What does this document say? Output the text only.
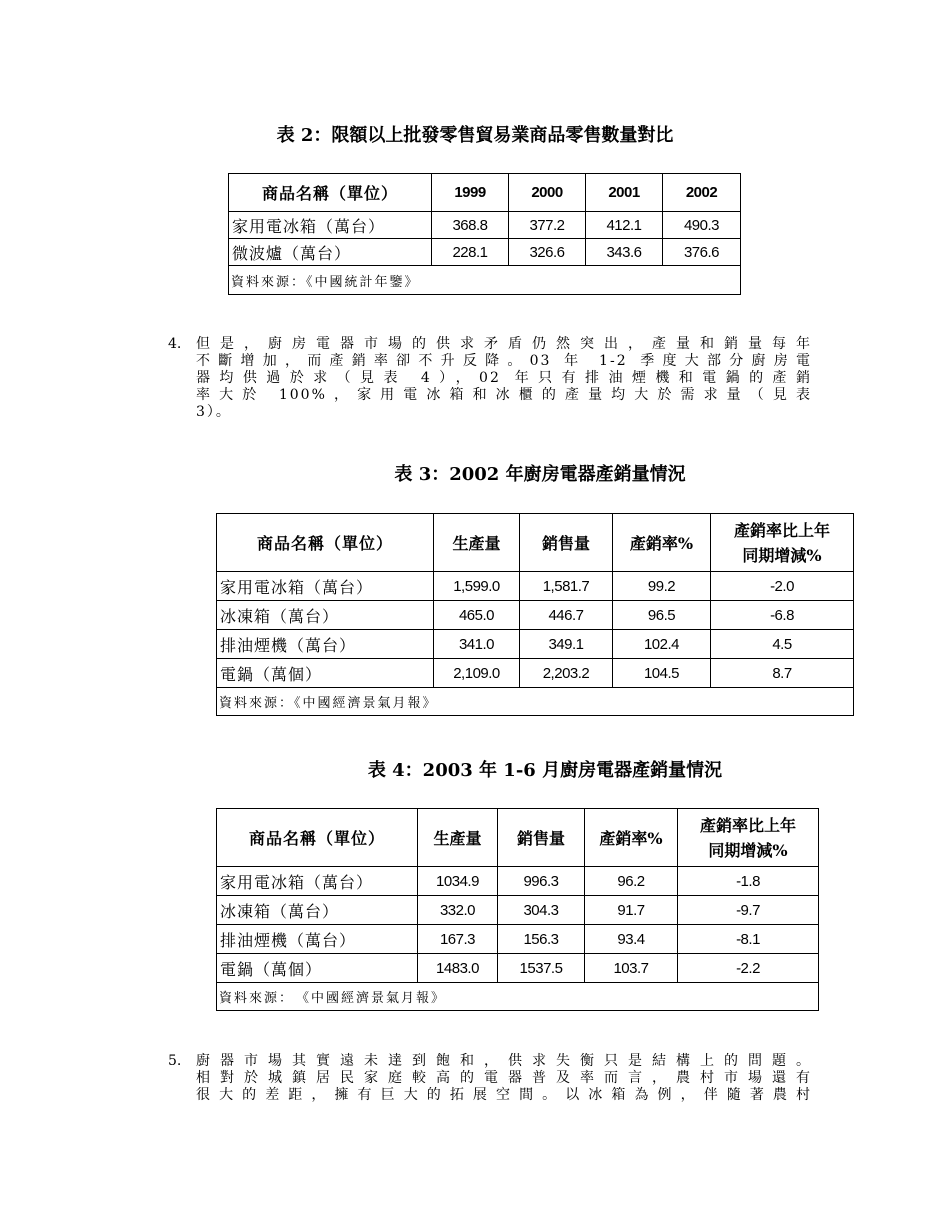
表 2：限額以上批發零售貿易業商品零售數量對比
商品名稱（單位）	1999	2000	2001	2002
家用電冰箱（萬台）	368.8	377.2	412.1	490.3
微波爐（萬台）	228.1	326.6	343.6	376.6
資料來源：《中國統計年鑒》				
4. 但是，廚房電器市場的供求矛盾仍然突出，產量和銷量每年
不斷增加，而產銷率卻不升反降。03 年 1-2 季度大部分廚房電
器均供過於求（見表 4），02 年只有排油煙機和電鍋的產銷
率大於 100%，家用電冰箱和冰櫃的產量均大於需求量（見表
3）。
表 3：2002 年廚房電器產銷量情況
商品名稱（單位）	生產量	銷售量	產銷率%	產銷率比上年
同期增減%
家用電冰箱（萬台）	1,599.0	1,581.7	99.2	-2.0
冰凍箱（萬台）	465.0	446.7	96.5	-6.8
排油煙機（萬台）	341.0	349.1	102.4	4.5
電鍋（萬個）	2,109.0	2,203.2	104.5	8.7
資料來源：《中國經濟景氣月報》				
表 4：2003 年 1-6 月廚房電器產銷量情況
商品名稱（單位）	生產量	銷售量	產銷率%	產銷率比上年
同期增減%
家用電冰箱（萬台）	1034.9	996.3	96.2	-1.8
冰凍箱（萬台）	332.0	304.3	91.7	-9.7
排油煙機（萬台）	167.3	156.3	93.4	-8.1
電鍋（萬個）	1483.0	1537.5	103.7	-2.2
資料來源：　《中國經濟景氣月報》				
5. 廚器市場其實遠未達到飽和，供求失衡只是結構上的問題。
相對於城鎮居民家庭較高的電器普及率而言，農村市場還有
很大的差距，擁有巨大的拓展空間。以冰箱為例，伴隨著農村
